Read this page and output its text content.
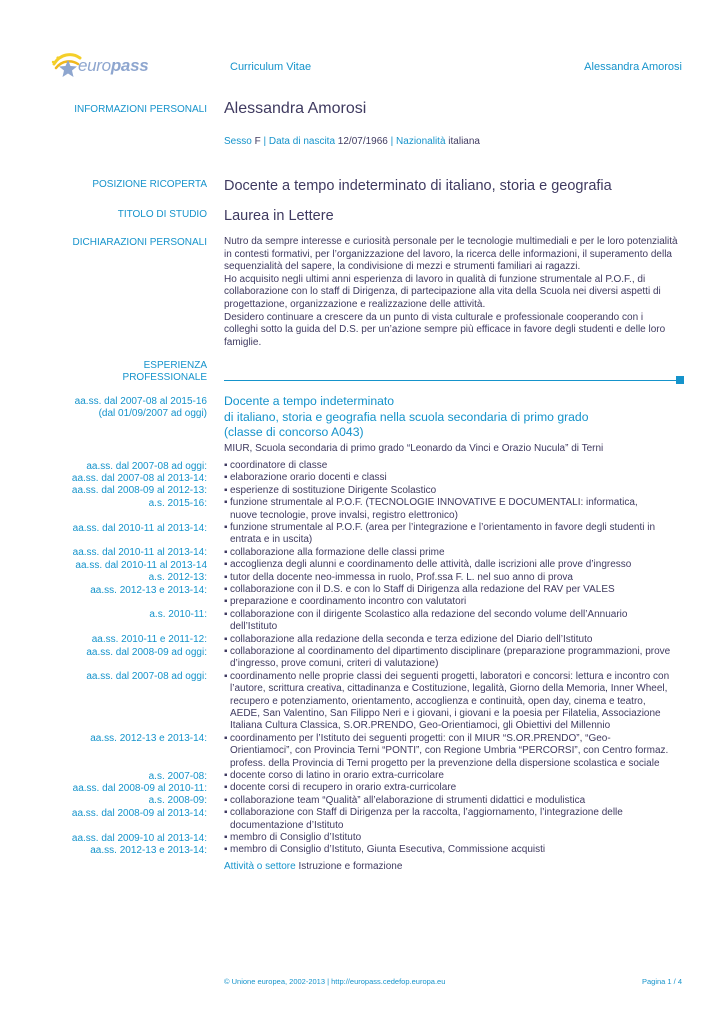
europass	Curriculum Vitae	Alessandra Amorosi
INFORMAZIONI PERSONALI Alessandra Amorosi
Sesso F | Data di nascita 12/07/1966 | Nazionalità italiana
POSIZIONE RICOPERTA Docente a tempo indeterminato di italiano, storia e geografia
TITOLO DI STUDIO Laurea in Lettere
DICHIARAZIONI PERSONALI Nutro da sempre interesse e curiosità personale per le tecnologie multimediali e per le loro potenzialità

in contesti formativi, per l’organizzazione del lavoro, la ricerca delle informazioni, il superamento della

sequenzialità del sapere, la condivisione di mezzi e strumenti familiari ai ragazzi.

Ho acquisito negli ultimi anni esperienza di lavoro in qualità di funzione strumentale al P.O.F., di

collaborazione con lo staff di Dirigenza, di partecipazione alla vita della Scuola nei diversi aspetti di

progettazione, organizzazione e realizzazione delle attività.

Desidero continuare a crescere da un punto di vista culturale e professionale cooperando con i

colleghi sotto la guida del D.S. per un’azione sempre più efficace in favore degli studenti e delle loro

famiglie.

ESPERIENZA
PROFESSIONALE
aa.ss. dal 2007-08 al 2015-16
(dal 01/09/2007 ad oggi)
Docente a tempo indeterminato
di italiano, storia e geografia nella scuola secondaria di primo grado
(classe di concorso A043)
MIUR, Scuola secondaria di primo grado “Leonardo da Vinci e Orazio Nucula” di Terni
aa.ss. dal 2007-08 ad oggi: ▪ coordinatore di classe
aa.ss. dal 2007-08 al 2013-14: ▪ elaborazione orario docenti e classi
aa.ss. dal 2008-09 al 2012-13: ▪ esperienze di sostituzione Dirigente Scolastico
a.s. 2015-16: ▪ funzione strumentale al P.O.F. (TECNOLOGIE INNOVATIVE E DOCUMENTALI: informatica,
nuove tecnologie, prove invalsi, registro elettronico)
aa.ss. dal 2010-11 al 2013-14: ▪ funzione strumentale al P.O.F. (area per l’integrazione e l’orientamento in favore degli studenti in
entrata e in uscita)
aa.ss. dal 2010-11 al 2013-14: ▪ collaborazione alla formazione delle classi prime
aa.ss. dal 2010-11 al 2013-14 ▪ accoglienza degli alunni e coordinamento delle attività, dalle iscrizioni alle prove d’ingresso
a.s. 2012-13: ▪ tutor della docente neo-immessa in ruolo, Prof.ssa F. L. nel suo anno di prova
aa.ss. 2012-13 e 2013-14: ▪ collaborazione con il D.S. e con lo Staff di Dirigenza alla redazione del RAV per VALES
▪ preparazione e coordinamento incontro con valutatori
a.s. 2010-11: ▪ collaborazione con il dirigente Scolastico alla redazione del secondo volume dell’Annuario
dell’Istituto
aa.ss. 2010-11 e 2011-12: ▪ collaborazione alla redazione della seconda e terza edizione del Diario dell’Istituto
aa.ss. dal 2008-09 ad oggi: ▪ collaborazione al coordinamento del dipartimento disciplinare (preparazione programmazioni, prove
d’ingresso, prove comuni, criteri di valutazione)
aa.ss. dal 2007-08 ad oggi: ▪ coordinamento nelle proprie classi dei seguenti progetti, laboratori e concorsi: lettura e incontro con
l’autore, scrittura creativa, cittadinanza e Costituzione, legalità, Giorno della Memoria, Inner Wheel,
recupero e potenziamento, orientamento, accoglienza e continuità, open day, cinema e teatro,
AEDE, San Valentino, San Filippo Neri e i giovani, i giovani e la poesia per Filatelia, Associazione
Italiana Cultura Classica, S.OR.PRENDO, Geo-Orientiamoci, gli Obiettivi del Millennio
aa.ss. 2012-13 e 2013-14: ▪ coordinamento per l’Istituto dei seguenti progetti: con il MIUR “S.OR.PRENDO”, “Geo-
Orientiamoci”, con Provincia Terni “PONTI”, con Regione Umbria “PERCORSI”, con Centro formaz.
profess. della Provincia di Terni progetto per la prevenzione della dispersione scolastica e sociale
a.s. 2007-08: ▪ docente corso di latino in orario extra-curricolare
aa.ss. dal 2008-09 al 2010-11: ▪ docente corsi di recupero in orario extra-curricolare
a.s. 2008-09: ▪ collaborazione team “Qualità” all’elaborazione di strumenti didattici e modulistica
aa.ss. dal 2008-09 al 2013-14: ▪ collaborazione con Staff di Dirigenza per la raccolta, l’aggiornamento, l’integrazione delle
documentazione d’Istituto
aa.ss. dal 2009-10 al 2013-14: ▪ membro di Consiglio d’Istituto
aa.ss. 2012-13 e 2013-14: ▪ membro di Consiglio d’Istituto, Giunta Esecutiva, Commissione acquisti
Attività o settore Istruzione e formazione
© Unione europea, 2002-2013 | http://europass.cedefop.europa.eu	Pagina 1 / 4
